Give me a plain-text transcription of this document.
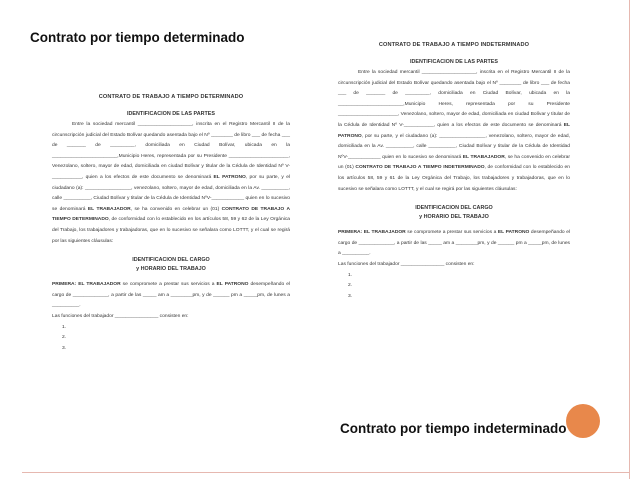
Contrato por tiempo determinado
Contrato por tiempo indeterminado
CONTRATO DE TRABAJO A TIEMPO DETERMINADO
IDENTIFICACION DE LAS PARTES

Entre la sociedad mercantil ____________________, inscrita en el Registro Mercantil II de la circunscripción judicial del Estado Bolívar quedando asentada bajo el Nº ________ de libro ___ de fecha ___ de _______ de _________, domiciliada en Ciudad Bolívar, ubicada en la ________________________,Municipio Heres, representada por su Presidente ______________________, Venezolano, soltero, mayor de edad, domiciliada en ciudad Bolívar y titular de la Cédula de Identidad Nº V-___________, quien a los efectos de este documento se denominará EL PATRONO, por su parte, y el ciudadano (a): _________________, venezolano, soltero, mayor de edad, domiciliada en la Av. __________, calle __________, Ciudad Bolívar y titular de la Cédula de Identidad NºV-____________ quien en lo sucesivo se denominará EL TRABAJADOR, se ha convenido en celebrar un (01) CONTRATO DE TRABAJO A TIEMPO DETERMINADO, de conformidad con lo establecido en los artículos 58, 59 y 62 de la Ley Orgánica del Trabajo, los trabajadores y trabajadoras, que en lo sucesivo se señalara como LOTTT, y el cual se regirá por las siguientes cláusulas:

IDENTIFICACION DEL CARGO
y HORARIO DEL TRABAJO

PRIMERA: EL TRABAJADOR se compromete a prestar sus servicios a EL PATRONO desempeñando el cargo de _____________, a partir de las _____ am a ________pm, y de ______ pm a _____pm, de lunes a __________.

Las funciones del trabajador ________________ consisten en:

1.
2.
3.
CONTRATO DE TRABAJO A TIEMPO INDETERMINADO
IDENTIFICACION DE LAS PARTES

Entre la sociedad mercantil ____________________, inscrita en el Registro Mercantil II de la circunscripción judicial del Estado Bolívar quedando asentada bajo el Nº ________ de libro ___ de fecha ___ de _______ de _________, domiciliada en Ciudad Bolívar, ubicada en la ________________________,Municipio Heres, representada por su Presidente ______________________, Venezolano, soltero, mayor de edad, domiciliada en ciudad Bolívar y titular de la Cédula de Identidad Nº V-___________, quien a los efectos de este documento se denominará EL PATRONO, por su parte, y el ciudadano (a): _________________, venezolano, soltero, mayor de edad, domiciliada en la Av. __________, calle __________, Ciudad Bolívar y titular de la Cédula de Identidad NºV-____________ quien en lo sucesivo se denominará EL TRABAJADOR, se ha convenido en celebrar un (01) CONTRATO DE TRABAJO A TIEMPO INDETERMINADO, de conformidad con lo establecido en los artículos 58, 59 y 61 de la Ley Orgánica del Trabajo, los trabajadores y trabajadoras, que en lo sucesivo se señalara como LOTTT, y el cual se regirá por las siguientes cláusulas:

IDENTIFICACION DEL CARGO
y HORARIO DEL TRABAJO

PRIMERA: EL TRABAJADOR se compromete a prestar sus servicios a EL PATRONO desempeñando el cargo de _____________, a partir de las _____ am a ________pm, y de ______ pm a _____pm, de lunes a __________.

Las funciones del trabajador ________________ consisten en:

1.
2.
3.
